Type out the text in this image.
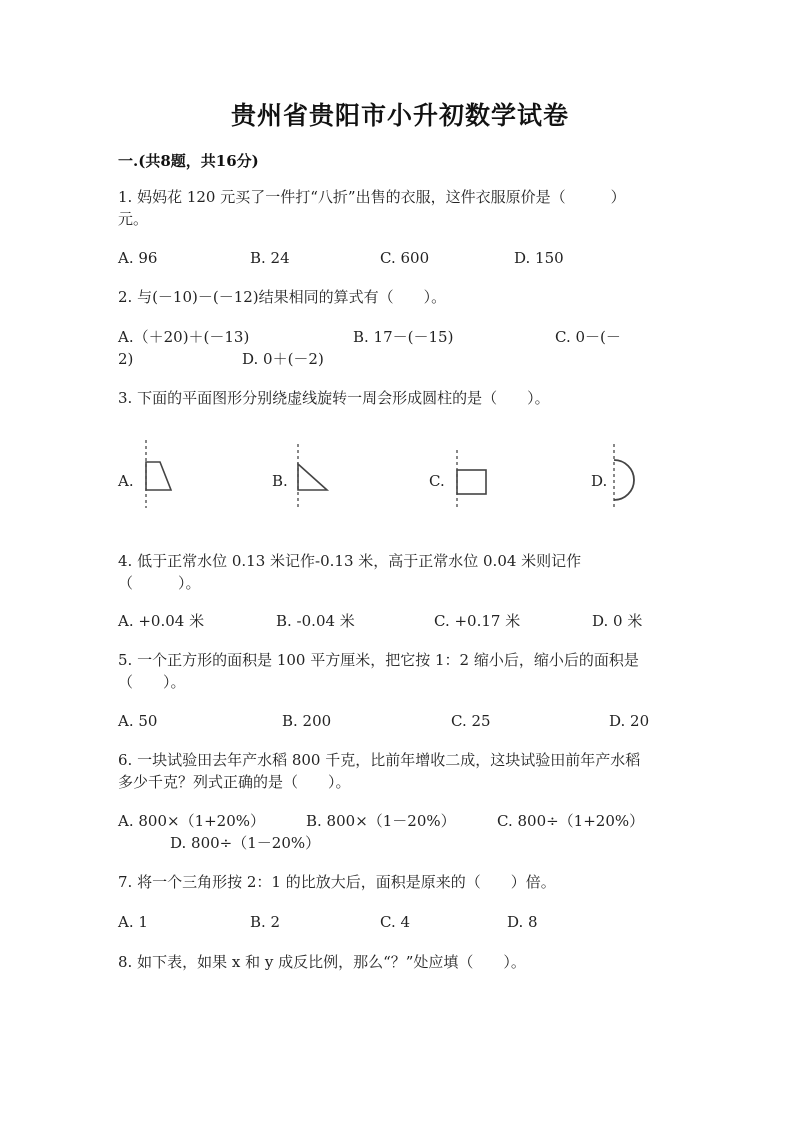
贵州省贵阳市小升初数学试卷
一.(共8题，共16分)
1. 妈妈花 120 元买了一件打“八折”出售的衣服，这件衣服原价是（　　　）
元。
A. 96	B. 24	C. 600	D. 150
2. 与(－10)－(－12)结果相同的算式有（　　）。
A.（＋20)＋(－13)	B. 17－(－15)	C. 0－(－
2)	D. 0＋(－2)
3. 下面的平面图形分别绕虚线旋转一周会形成圆柱的是（　　）。
A.	B.	C.	D.
4. 低于正常水位 0.13 米记作-0.13 米，高于正常水位 0.04 米则记作
（　　　）。
A. +0.04 米	B. -0.04 米	C. +0.17 米	D. 0 米
5. 一个正方形的面积是 100 平方厘米，把它按 1：2 缩小后，缩小后的面积是
（　　）。
A. 50	B. 200	C. 25	D. 20
6. 一块试验田去年产水稻 800 千克，比前年增收二成，这块试验田前年产水稻
多少千克？列式正确的是（　　）。
A. 800×（1+20%）	B. 800×（1－20%）	C. 800÷（1+20%）
D. 800÷（1－20%）
7. 将一个三角形按 2：1 的比放大后，面积是原来的（　　）倍。
A. 1	B. 2	C. 4	D. 8
8. 如下表，如果 x 和 y 成反比例，那么“？”处应填（　　）。
